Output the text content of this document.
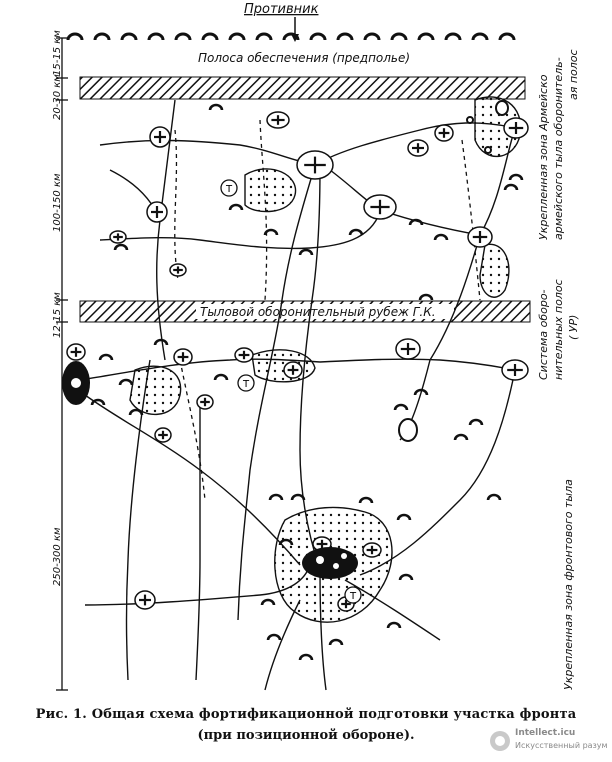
Противник
Полоса обеспечения (предполье)
Тыловой оборонительный рубеж Г.К.
15-15 км
20-30 км
100-150 км
12-15 км
250-300 км
Укрепленная зона Армейско армейского тыла оборонитель- ая полос
Система оборо- нительных полос ( УР)
Укрепленная зона фронтового тыла
T
T
T
Рис. 1. Общая схема фортификационной подготовки участка фронта
(при позиционной обороне).	Intellect.icu
Искусственный разум
